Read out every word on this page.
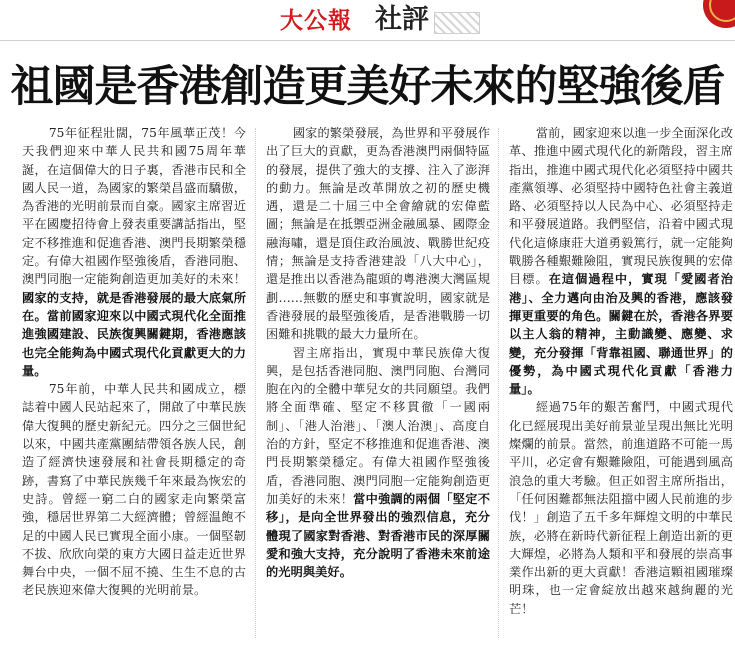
大公報 社評
祖國是香港創造更美好未來的堅強後盾

75年征程壯闊，75年風華正茂！今天我們迎來中華人民共和國75周年華誕，在這個偉大的日子裏，香港市民和全國人民一道，為國家的繁榮昌盛而驕傲，為香港的光明前景而自豪。國家主席習近平在國慶招待會上發表重要講話指出，堅定不移推進和促進香港、澳門長期繁榮穩定。有偉大祖國作堅強後盾，香港同胞、澳門同胞一定能夠創造更加美好的未來！國家的支持，就是香港發展的最大底氣所在。當前國家迎來以中國式現代化全面推進強國建設、民族復興關鍵期，香港應該也完全能夠為中國式現代化貢獻更大的力量。

75年前，中華人民共和國成立，標誌着中國人民站起來了，開啟了中華民族偉大復興的歷史新紀元。四分之三個世紀以來，中國共產黨團結帶領各族人民，創造了經濟快速發展和社會長期穩定的奇跡，書寫了中華民族幾千年來最為恢宏的史詩。曾經一窮二白的國家走向繁榮富強，穩居世界第二大經濟體；曾經温飽不足的中國人民已實現全面小康。一個堅韌不拔、欣欣向榮的東方大國日益走近世界舞台中央，一個不屈不撓、生生不息的古老民族迎來偉大復興的光明前景。

國家的繁榮發展，為世界和平發展作出了巨大的貢獻，更為香港澳門兩個特區的發展，提供了強大的支撐、注入了澎湃的動力。無論是改革開放之初的歷史機遇，還是二十屆三中全會繪就的宏偉藍圖；無論是在抵禦亞洲金融風暴、國際金融海嘯，還是頂住政治風波、戰勝世紀疫情；無論是支持香港建設「八大中心」，還是推出以香港為龍頭的粵港澳大灣區規劃……無數的歷史和事實說明，國家就是香港發展的最堅強後盾，是香港戰勝一切困難和挑戰的最大力量所在。

習主席指出，實現中華民族偉大復興，是包括香港同胞、澳門同胞、台灣同胞在內的全體中華兒女的共同願望。我們將全面準確、堅定不移貫徹「一國兩制」、「港人治港」、「澳人治澳」、高度自治的方針，堅定不移推進和促進香港、澳門長期繁榮穩定。有偉大祖國作堅強後盾，香港同胞、澳門同胞一定能夠創造更加美好的未來！當中強調的兩個「堅定不移」，是向全世界發出的強烈信息，充分體現了國家對香港、對香港市民的深厚關愛和強大支持，充分說明了香港未來前途的光明與美好。

當前，國家迎來以進一步全面深化改革、推進中國式現代化的新階段，習主席指出，推進中國式現代化必須堅持中國共產黨領導、必須堅持中國特色社會主義道路、必須堅持以人民為中心、必須堅持走和平發展道路。我們堅信，沿着中國式現代化這條康莊大道勇毅篤行，就一定能夠戰勝各種艱難險阻，實現民族復興的宏偉目標。在這個過程中，實現「愛國者治港」、全力邁向由治及興的香港，應該發揮更重要的角色。關鍵在於，香港各界要以主人翁的精神，主動識變、應變、求變，充分發揮「背靠祖國、聯通世界」的優勢，為中國式現代化貢獻「香港力量」。

經過75年的艱苦奮鬥，中國式現代化已經展現出美好前景並呈現出無比光明燦爛的前景。當然，前進道路不可能一馬平川，必定會有艱難險阻，可能遇到風高浪急的重大考驗。但正如習主席所指出，「任何困難都無法阻擋中國人民前進的步伐！」創造了五千多年輝煌文明的中華民族，必將在新時代新征程上創造出新的更大輝煌，必將為人類和平和發展的崇高事業作出新的更大貢獻！香港這顆祖國璀璨明珠，也一定會綻放出越來越絢麗的光芒！
